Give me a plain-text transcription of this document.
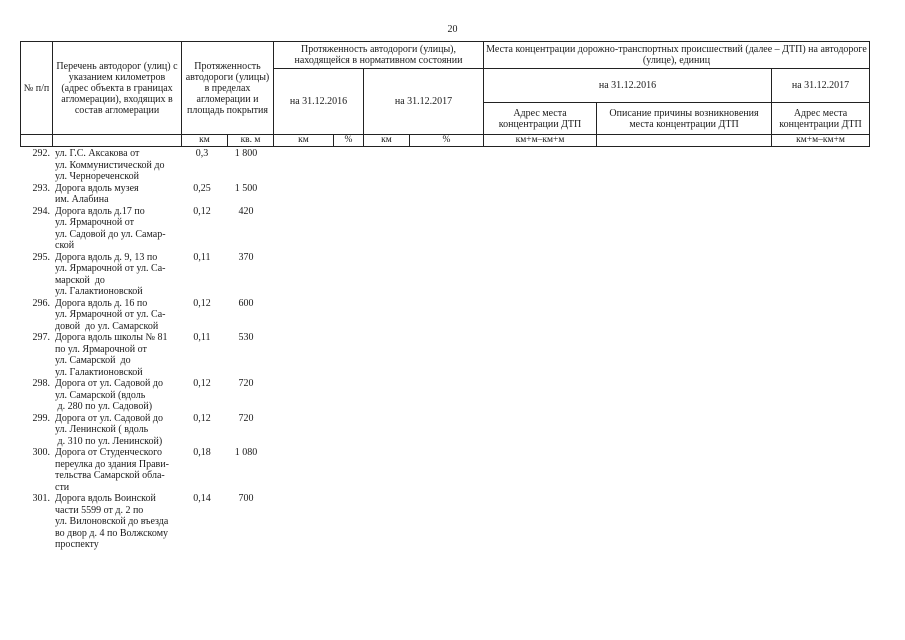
20
№ п/п	Перечень автодорог (улиц) с указанием километров (адрес объекта в границах агломерации), входящих в состав агломерации	Протяженность автодороги (улицы) в пределах агломерации и площадь покрытия		Протяженность автодороги (улицы), находящейся в нормативном состоянии				Места концентрации дорожно-транспортных происшествий (далее – ДТП) на автодороге (улице), единиц		
				на 31.12.2016		на 31.12.2017		на 31.12.2016		на 31.12.2017
								Адрес места концентрации ДТП	Описание причины возникновения места концентрации ДТП	Адрес места концентрации ДТП
		км	кв. м	км	%	км	%	км+м–км+м		км+м–км+м
292. ул. Г.С. Аксакова от
ул. Коммунистической до
ул. Чернореченской
0,3	1 800
293. Дорога вдоль музея
им. Алабина
0,25	1 500
294. Дорога вдоль д.17 по
ул. Ярмарочной от
ул. Садовой до ул. Самар-
ской
0,12	420
295. Дорога вдоль д. 9, 13 по
ул. Ярмарочной от ул. Са-
марской  до
ул. Галактионовской
0,11	370
296. Дорога вдоль д. 16 по
ул. Ярмарочной от ул. Са-
довой  до ул. Самарской
0,12	600
297. Дорога вдоль школы № 81
по ул. Ярмарочной от
ул. Самарской  до
ул. Галактионовской
0,11	530
298. Дорога от ул. Садовой до
ул. Самарской (вдоль
д. 280 по ул. Садовой)
0,12	720
299. Дорога от ул. Садовой до
ул. Ленинской ( вдоль
д. 310 по ул. Ленинской)
0,12	720
300. Дорога от Студенческого
переулка до здания Прави-
тельства Самарской обла-
сти
0,18	1 080
301. Дорога вдоль Воинской
части 5599 от д. 2 по
ул. Вилоновской до въезда
во двор д. 4 по Волжскому
проспекту
0,14	700
